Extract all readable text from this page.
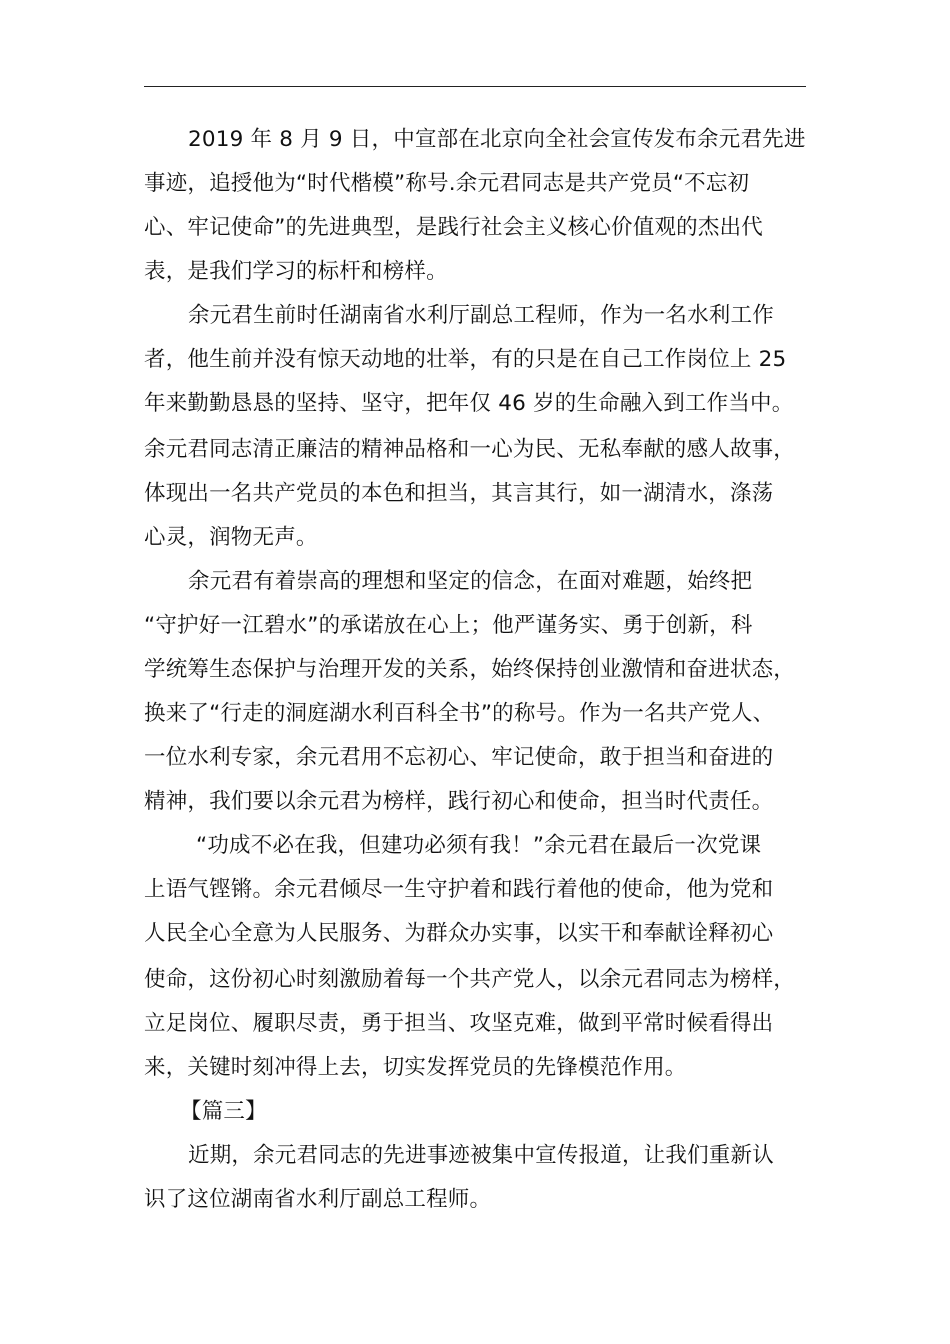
2019 年 8 月 9 日，中宣部在北京向全社会宣传发布余元君先进
事迹，追授他为“时代楷模”称号.余元君同志是共产党员“不忘初
心、牢记使命”的先进典型，是践行社会主义核心价值观的杰出代
表，是我们学习的标杆和榜样。
余元君生前时任湖南省水利厅副总工程师，作为一名水利工作
者，他生前并没有惊天动地的壮举，有的只是在自己工作岗位上 25
年来勤勤恳恳的坚持、坚守，把年仅 46 岁的生命融入到工作当中。
余元君同志清正廉洁的精神品格和一心为民、无私奉献的感人故事，
体现出一名共产党员的本色和担当，其言其行，如一湖清水，涤荡
心灵，润物无声。
余元君有着崇高的理想和坚定的信念，在面对难题，始终把
“守护好一江碧水”的承诺放在心上；他严谨务实、勇于创新，科
学统筹生态保护与治理开发的关系，始终保持创业激情和奋进状态，
换来了“行走的洞庭湖水利百科全书”的称号。作为一名共产党人、
一位水利专家，余元君用不忘初心、牢记使命，敢于担当和奋进的
精神，我们要以余元君为榜样，践行初心和使命，担当时代责任。
“功成不必在我，但建功必须有我！”余元君在最后一次党课
上语气铿锵。余元君倾尽一生守护着和践行着他的使命，他为党和
人民全心全意为人民服务、为群众办实事，以实干和奉献诠释初心
使命，这份初心时刻激励着每一个共产党人，以余元君同志为榜样，
立足岗位、履职尽责，勇于担当、攻坚克难，做到平常时候看得出
来，关键时刻冲得上去，切实发挥党员的先锋模范作用。
【篇三】
近期，余元君同志的先进事迹被集中宣传报道，让我们重新认
识了这位湖南省水利厅副总工程师。
